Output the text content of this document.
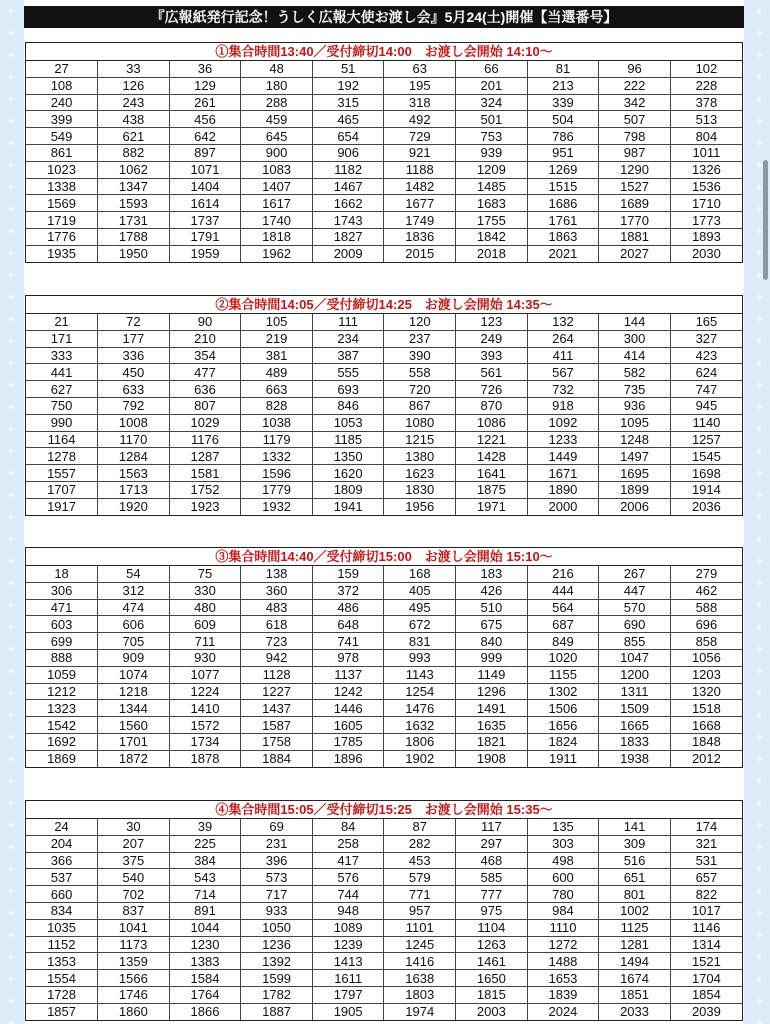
『広報紙発行記念！うしく広報大使お渡し会』5月24(土)開催【当選番号】
①集合時間13:40／受付締切14:00　お渡し会開始 14:10〜
27	33	36	48	51	63	66	81	96	102
108	126	129	180	192	195	201	213	222	228
240	243	261	288	315	318	324	339	342	378
399	438	456	459	465	492	501	504	507	513
549	621	642	645	654	729	753	786	798	804
861	882	897	900	906	921	939	951	987	1011
1023	1062	1071	1083	1182	1188	1209	1269	1290	1326
1338	1347	1404	1407	1467	1482	1485	1515	1527	1536
1569	1593	1614	1617	1662	1677	1683	1686	1689	1710
1719	1731	1737	1740	1743	1749	1755	1761	1770	1773
1776	1788	1791	1818	1827	1836	1842	1863	1881	1893
1935	1950	1959	1962	2009	2015	2018	2021	2027	2030
②集合時間14:05／受付締切14:25　お渡し会開始 14:35〜
21	72	90	105	111	120	123	132	144	165
171	177	210	219	234	237	249	264	300	327
333	336	354	381	387	390	393	411	414	423
441	450	477	489	555	558	561	567	582	624
627	633	636	663	693	720	726	732	735	747
750	792	807	828	846	867	870	918	936	945
990	1008	1029	1038	1053	1080	1086	1092	1095	1140
1164	1170	1176	1179	1185	1215	1221	1233	1248	1257
1278	1284	1287	1332	1350	1380	1428	1449	1497	1545
1557	1563	1581	1596	1620	1623	1641	1671	1695	1698
1707	1713	1752	1779	1809	1830	1875	1890	1899	1914
1917	1920	1923	1932	1941	1956	1971	2000	2006	2036
③集合時間14:40／受付締切15:00　お渡し会開始 15:10〜
18	54	75	138	159	168	183	216	267	279
306	312	330	360	372	405	426	444	447	462
471	474	480	483	486	495	510	564	570	588
603	606	609	618	648	672	675	687	690	696
699	705	711	723	741	831	840	849	855	858
888	909	930	942	978	993	999	1020	1047	1056
1059	1074	1077	1128	1137	1143	1149	1155	1200	1203
1212	1218	1224	1227	1242	1254	1296	1302	1311	1320
1323	1344	1410	1437	1446	1476	1491	1506	1509	1518
1542	1560	1572	1587	1605	1632	1635	1656	1665	1668
1692	1701	1734	1758	1785	1806	1821	1824	1833	1848
1869	1872	1878	1884	1896	1902	1908	1911	1938	2012
④集合時間15:05／受付締切15:25　お渡し会開始 15:35〜
24	30	39	69	84	87	117	135	141	174
204	207	225	231	258	282	297	303	309	321
366	375	384	396	417	453	468	498	516	531
537	540	543	573	576	579	585	600	651	657
660	702	714	717	744	771	777	780	801	822
834	837	891	933	948	957	975	984	1002	1017
1035	1041	1044	1050	1089	1101	1104	1110	1125	1146
1152	1173	1230	1236	1239	1245	1263	1272	1281	1314
1353	1359	1383	1392	1413	1416	1461	1488	1494	1521
1554	1566	1584	1599	1611	1638	1650	1653	1674	1704
1728	1746	1764	1782	1797	1803	1815	1839	1851	1854
1857	1860	1866	1887	1905	1974	2003	2024	2033	2039
